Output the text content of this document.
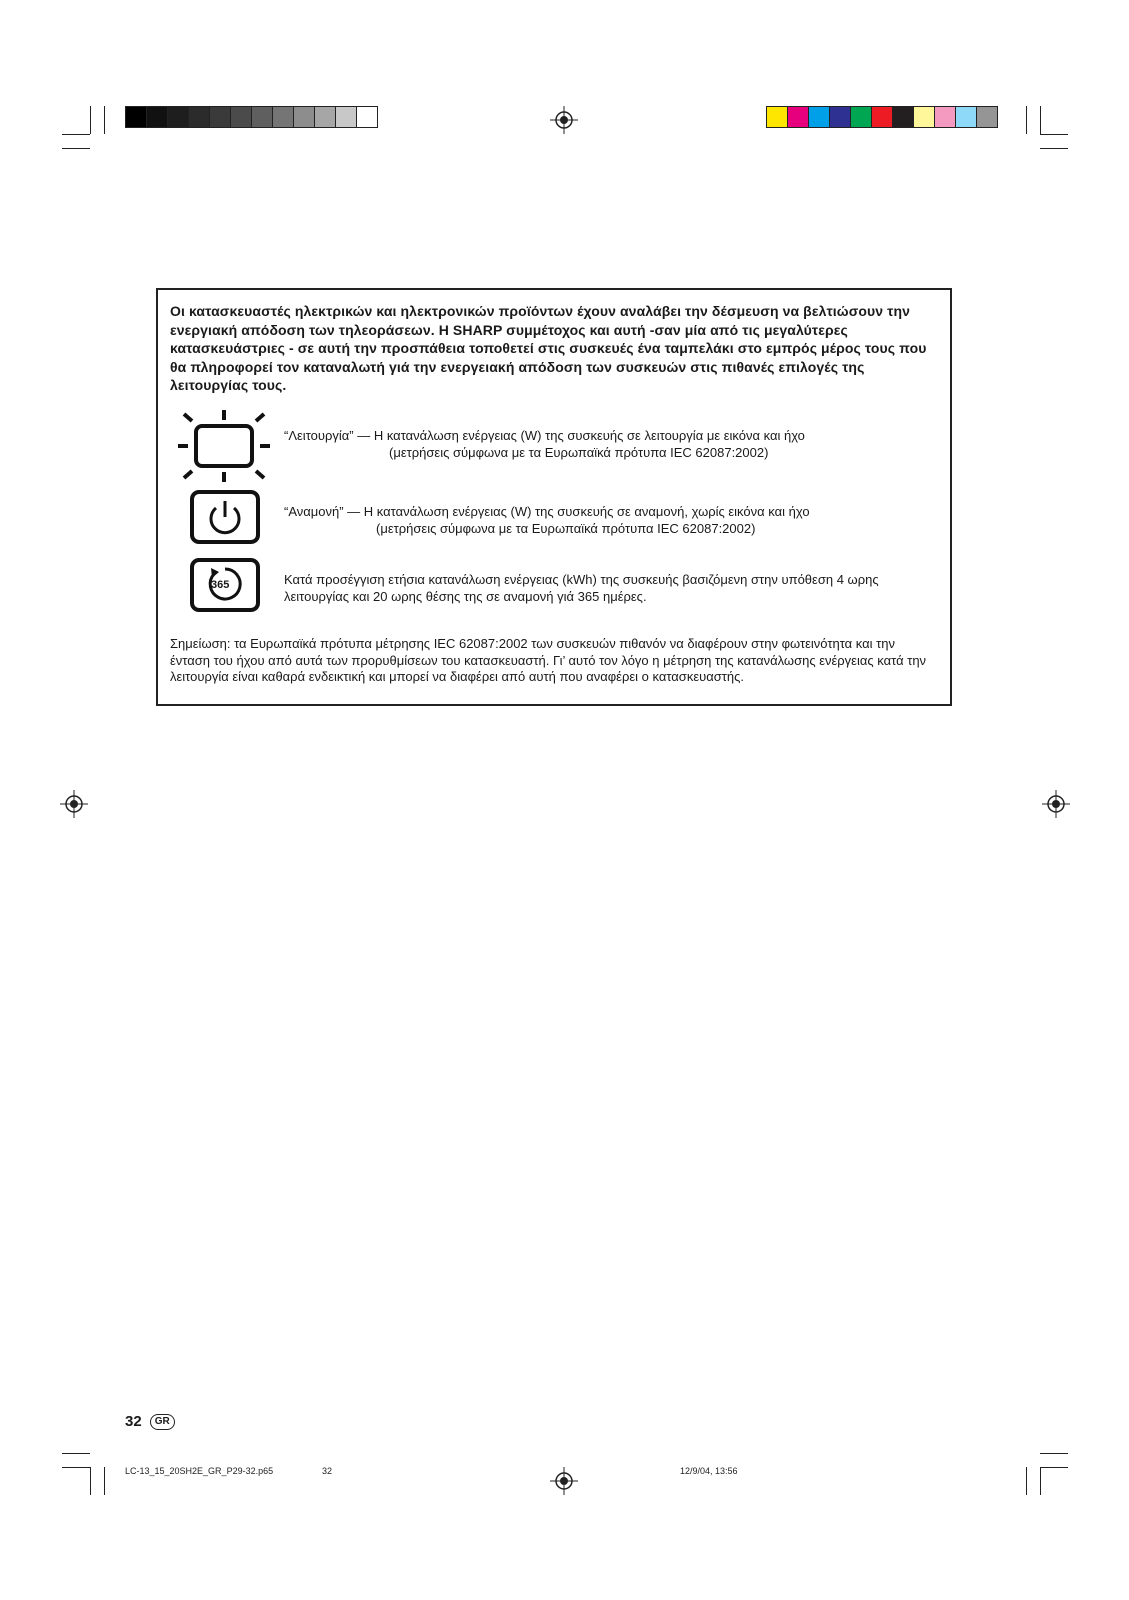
Οι κατασκευαστές ηλεκτρικών και ηλεκτρονικών προϊόντων έχουν αναλάβει την δέσμευση να βελτιώσουν την ενεργιακή απόδοση των τηλεοράσεων. Η SHARP συμμέτοχος και αυτή -σαν μία από τις μεγαλύτερες κατασκευάστριες - σε αυτή την προσπάθεια τοποθετεί στις συσκευές ένα ταμπελάκι στο εμπρός μέρος τους που θα πληροφορεί τον καταναλωτή γιά την ενεργειακή απόδοση των συσκευών στις πιθανές επιλογές της λειτουργίας τους.

“Λειτουργία” — Η κατανάλωση ενέργειας (W) της συσκευής σε λειτουργία με εικόνα και ήχο
(μετρήσεις σύμφωνα με τα Ευρωπαϊκά πρότυπα IEC 62087:2002)
“Αναμονή” — Η κατανάλωση ενέργειας (W) της συσκευής σε αναμονή, χωρίς εικόνα και ήχο
(μετρήσεις σύμφωνα με τα Ευρωπαϊκά πρότυπα IEC 62087:2002)
365	Κατά προσέγγιση ετήσια κατανάλωση ενέργειας (kWh) της συσκευής βασιζόμενη στην υπόθεση 4 ωρης λειτουργίας και 20 ωρης θέσης της σε αναμονή γιά 365 ημέρες.

Σημείωση: τα Ευρωπαϊκά πρότυπα μέτρησης IEC 62087:2002 των συσκευών πιθανόν να διαφέρουν στην φωτεινότητα και την ένταση του ήχου από αυτά των προρυθμίσεων του κατασκευαστή. Γι’ αυτό τον λόγο η μέτρηση της κατανάλωσης ενέργειας κατά την λειτουργία είναι καθαρά ενδεικτική και μπορεί να διαφέρει από αυτή που αναφέρει ο κατασκευαστής.

32	GR
LC-13_15_20SH2E_GR_P29-32.p65	32	12/9/04, 13:56
